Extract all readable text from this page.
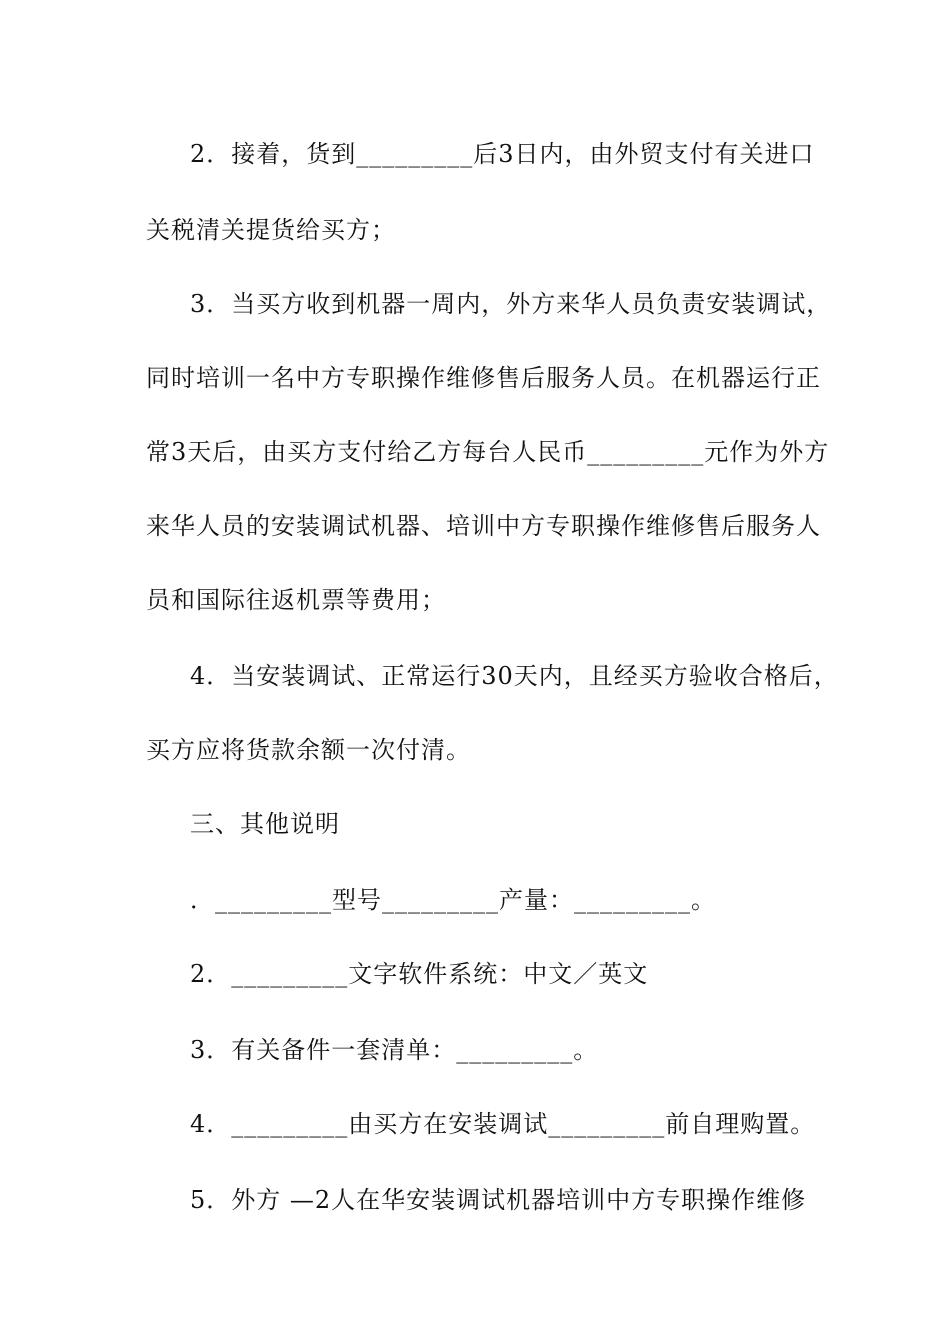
2．接着，货到_________后3日内，由外贸支付有关进口
关税清关提货给买方；
3．当买方收到机器一周内，外方来华人员负责安装调试，
同时培训一名中方专职操作维修售后服务人员。在机器运行正
常3天后，由买方支付给乙方每台人民币_________元作为外方
来华人员的安装调试机器、培训中方专职操作维修售后服务人
员和国际往返机票等费用；
4．当安装调试、正常运行30天内，且经买方验收合格后，
买方应将货款余额一次付清。
三、其他说明
．_________型号_________产量：_________。
2．_________文字软件系统：中文／英文
3．有关备件一套清单：_________。
4．_________由买方在安装调试_________前自理购置。
5．外方 —2人在华安装调试机器培训中方专职操作维修
